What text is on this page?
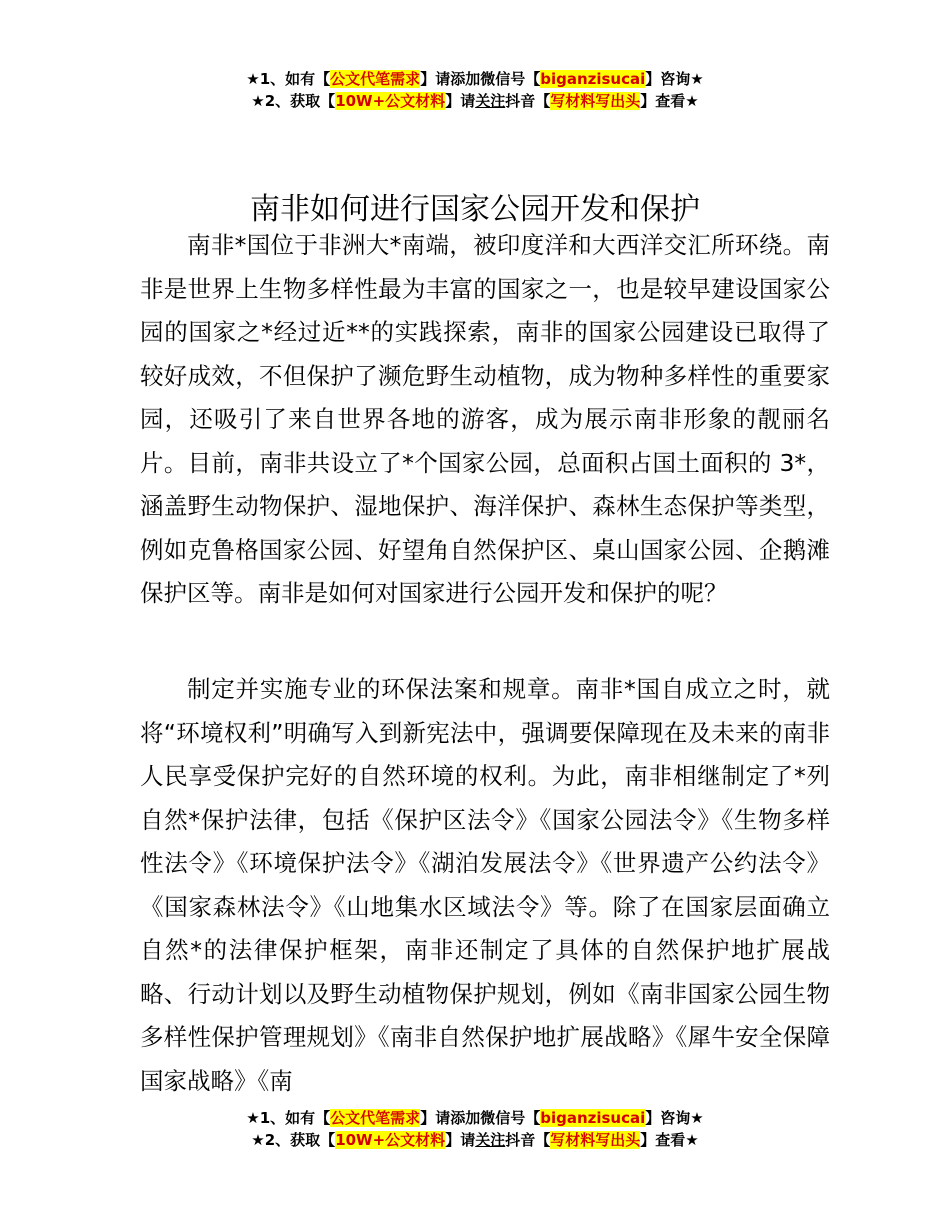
★1、如有【公文代笔需求】请添加微信号【biganzisucai】咨询★
★2、获取【10W+公文材料】请关注抖音【写材料写出头】查看★
南非如何进行国家公园开发和保护

南非*国位于非洲大*南端，被印度洋和大西洋交汇所环绕。南非是世界上生物多样性最为丰富的国家之一，也是较早建设国家公园的国家之*经过近**的实践探索，南非的国家公园建设已取得了较好成效，不但保护了濒危野生动植物，成为物种多样性的重要家园，还吸引了来自世界各地的游客，成为展示南非形象的靓丽名片。目前，南非共设立了*个国家公园，总面积占国土面积的 3*，涵盖野生动物保护、湿地保护、海洋保护、森林生态保护等类型，例如克鲁格国家公园、好望角自然保护区、桌山国家公园、企鹅滩保护区等。南非是如何对国家进行公园开发和保护的呢？

制定并实施专业的环保法案和规章。南非*国自成立之时，就将“环境权利”明确写入到新宪法中，强调要保障现在及未来的南非人民享受保护完好的自然环境的权利。为此，南非相继制定了*列自然*保护法律，包括《保护区法令》《国家公园法令》《生物多样性法令》《环境保护法令》《湖泊发展法令》《世界遗产公约法令》《国家森林法令》《山地集水区域法令》等。除了在国家层面确立自然*的法律保护框架，南非还制定了具体的自然保护地扩展战略、行动计划以及野生动植物保护规划，例如《南非国家公园生物多样性保护管理规划》《南非自然保护地扩展战略》《犀牛安全保障国家战略》《南

★1、如有【公文代笔需求】请添加微信号【biganzisucai】咨询★
★2、获取【10W+公文材料】请关注抖音【写材料写出头】查看★
